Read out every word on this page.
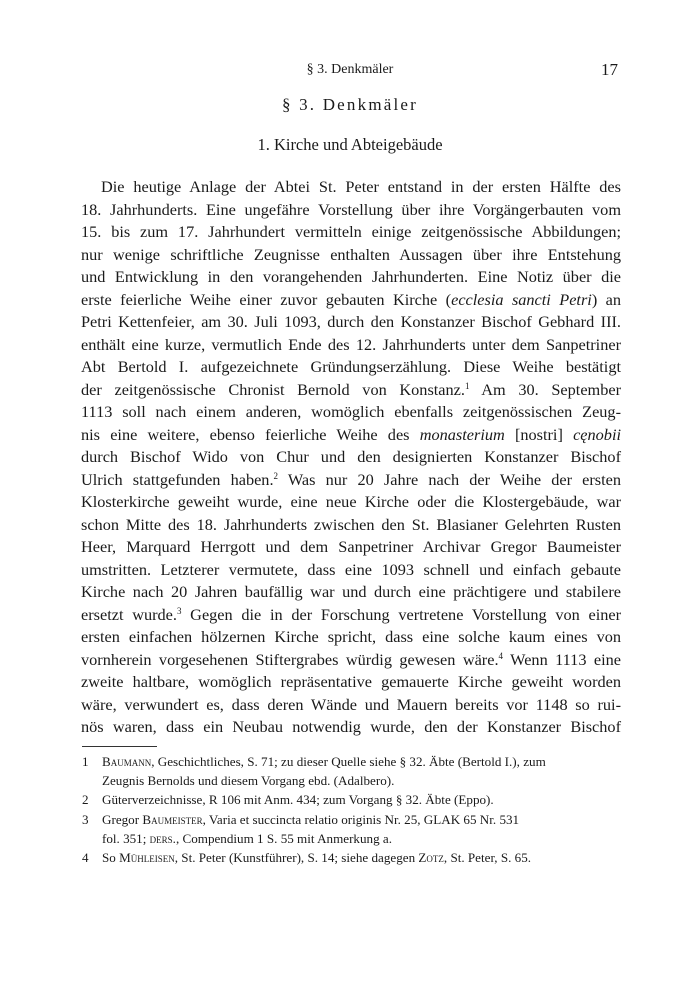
§ 3. Denkmäler	17
§ 3. Denkmäler
1. Kirche und Abteigebäude
Die heutige Anlage der Abtei St. Peter entstand in der ersten Hälfte des
18. Jahrhunderts. Eine ungefähre Vorstellung über ihre Vorgängerbauten vom
15. bis zum 17. Jahrhundert vermitteln einige zeitgenössische Abbildungen;
nur wenige schriftliche Zeugnisse enthalten Aussagen über ihre Entstehung
und Entwicklung in den vorangehenden Jahrhunderten. Eine Notiz über die
erste feierliche Weihe einer zuvor gebauten Kirche (ecclesia sancti Petri) an
Petri Kettenfeier, am 30. Juli 1093, durch den Konstanzer Bischof Gebhard III.
enthält eine kurze, vermutlich Ende des 12. Jahrhunderts unter dem Sanpetriner
Abt Bertold I. aufgezeichnete Gründungserzählung. Diese Weihe bestätigt
der zeitgenössische Chronist Bernold von Konstanz.$^1$ Am 30. September
1113 soll nach einem anderen, womöglich ebenfalls zeitgenössischen Zeug-
nis eine weitere, ebenso feierliche Weihe des monasterium [nostri] cęnobii
durch Bischof Wido von Chur und den designierten Konstanzer Bischof
Ulrich stattgefunden haben.$^2$ Was nur 20 Jahre nach der Weihe der ersten
Klosterkirche geweiht wurde, eine neue Kirche oder die Klostergebäude, war
schon Mitte des 18. Jahrhunderts zwischen den St. Blasianer Gelehrten Rusten
Heer, Marquard Herrgott und dem Sanpetriner Archivar Gregor Baumeister
umstritten. Letzterer vermutete, dass eine 1093 schnell und einfach gebaute
Kirche nach 20 Jahren baufällig war und durch eine prächtigere und stabilere
ersetzt wurde.$^3$ Gegen die in der Forschung vertretene Vorstellung von einer
ersten einfachen hölzernen Kirche spricht, dass eine solche kaum eines von
vornherein vorgesehenen Stiftergrabes würdig gewesen wäre.$^4$ Wenn 1113 eine
zweite haltbare, womöglich repräsentative gemauerte Kirche geweiht worden
wäre, verwundert es, dass deren Wände und Mauern bereits vor 1148 so rui-
nös waren, dass ein Neubau notwendig wurde, den der Konstanzer Bischof
1 Baumann, Geschichtliches, S. 71; zu dieser Quelle siehe § 32. Äbte (Bertold I.), zum
Zeugnis Bernolds und diesem Vorgang ebd. (Adalbero).
2 Güterverzeichnisse, R 106 mit Anm. 434; zum Vorgang § 32. Äbte (Eppo).
3 Gregor Baumeister, Varia et succincta relatio originis Nr. 25, GLAK 65 Nr. 531
fol. 351; ders., Compendium 1 S. 55 mit Anmerkung a.
4 So Mühleisen, St. Peter (Kunstführer), S. 14; siehe dagegen Zotz, St. Peter, S. 65.
